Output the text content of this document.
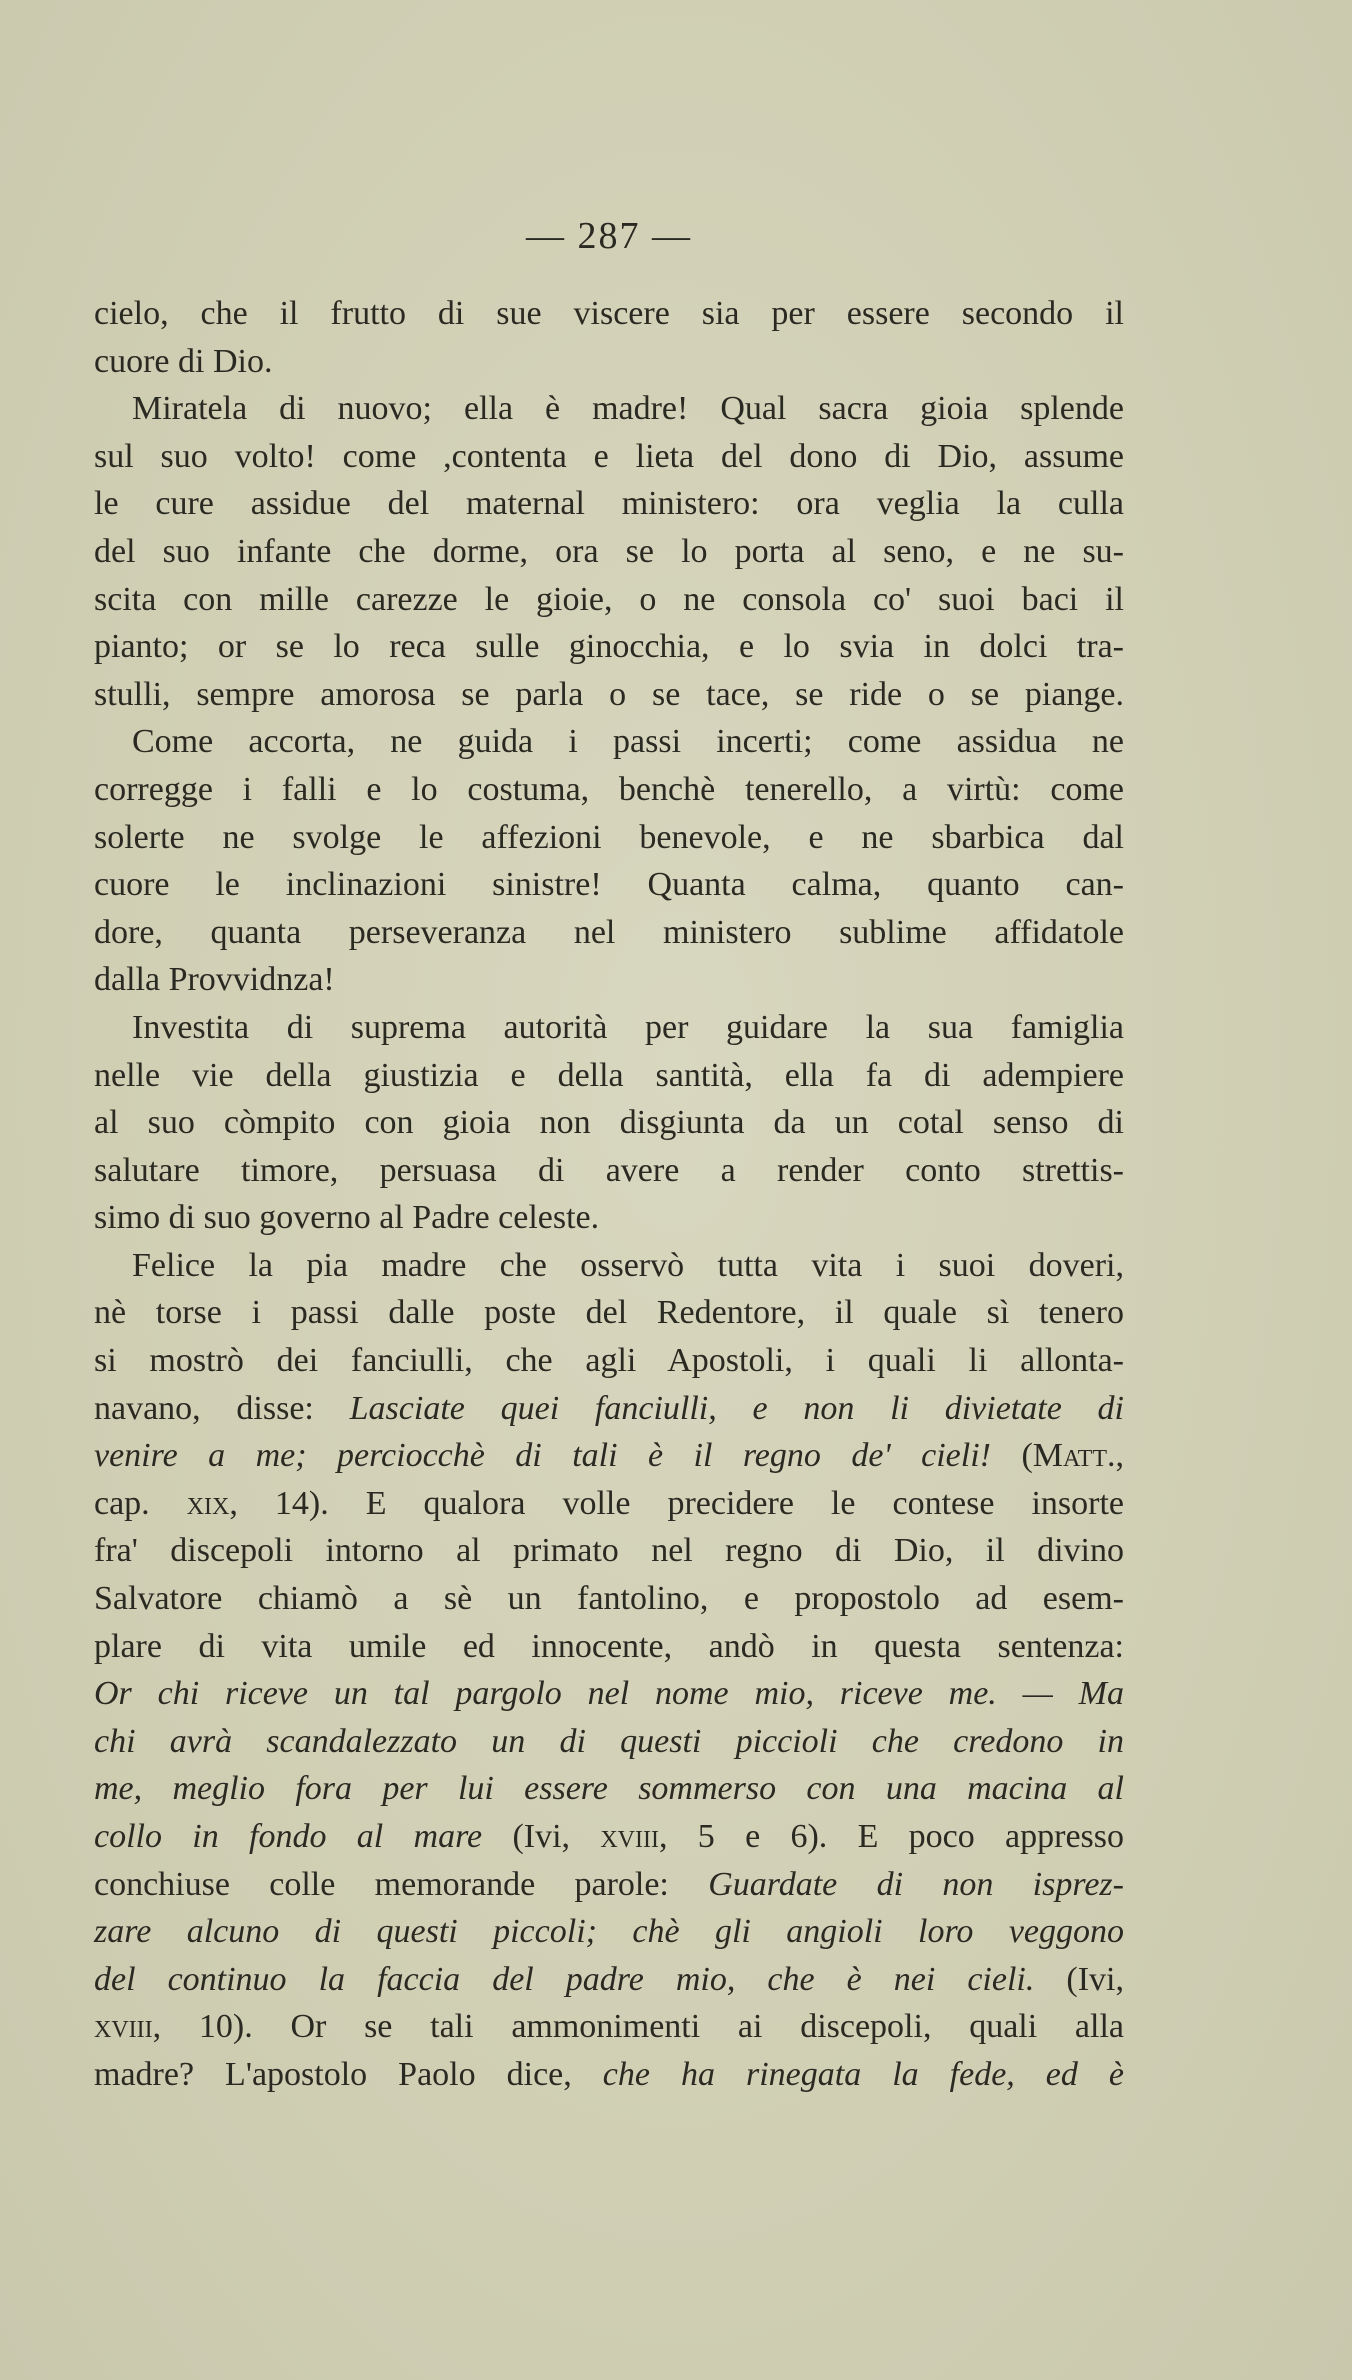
— 287 —
cielo, che il frutto di sue viscere sia per essere secondo il
cuore di Dio.
Miratela di nuovo; ella è madre! Qual sacra gioia splende
sul suo volto! come ,contenta e lieta del dono di Dio, assume
le cure assidue del maternal ministero: ora veglia la culla
del suo infante che dorme, ora se lo porta al seno, e ne su-
scita con mille carezze le gioie, o ne consola co' suoi baci il
pianto; or se lo reca sulle ginocchia, e lo svia in dolci tra-
stulli, sempre amorosa se parla o se tace, se ride o se piange.
Come accorta, ne guida i passi incerti; come assidua ne
corregge i falli e lo costuma, benchè tenerello, a virtù: come
solerte ne svolge le affezioni benevole, e ne sbarbica dal
cuore le inclinazioni sinistre! Quanta calma, quanto can-
dore, quanta perseveranza nel ministero sublime affidatole
dalla Provvidnza!
Investita di suprema autorità per guidare la sua famiglia
nelle vie della giustizia e della santità, ella fa di adempiere
al suo còmpito con gioia non disgiunta da un cotal senso di
salutare timore, persuasa di avere a render conto strettis-
simo di suo governo al Padre celeste.
Felice la pia madre che osservò tutta vita i suoi doveri,
nè torse i passi dalle poste del Redentore, il quale sì tenero
si mostrò dei fanciulli, che agli Apostoli, i quali li allonta-
navano, disse: Lasciate quei fanciulli, e non li divietate di
venire a me; perciocchè di tali è il regno de' cieli! (Matt.,
cap. xix, 14). E qualora volle precidere le contese insorte
fra' discepoli intorno al primato nel regno di Dio, il divino
Salvatore chiamò a sè un fantolino, e propostolo ad esem-
plare di vita umile ed innocente, andò in questa sentenza:
Or chi riceve un tal pargolo nel nome mio, riceve me. — Ma
chi avrà scandalezzato un di questi piccioli che credono in
me, meglio fora per lui essere sommerso con una macina al
collo in fondo al mare (Ivi, xviii, 5 e 6). E poco appresso
conchiuse colle memorande parole: Guardate di non isprez-
zare alcuno di questi piccoli; chè gli angioli loro veggono
del continuo la faccia del padre mio, che è nei cieli. (Ivi,
xviii, 10). Or se tali ammonimenti ai discepoli, quali alla
madre? L'apostolo Paolo dice, che ha rinegata la fede, ed è
